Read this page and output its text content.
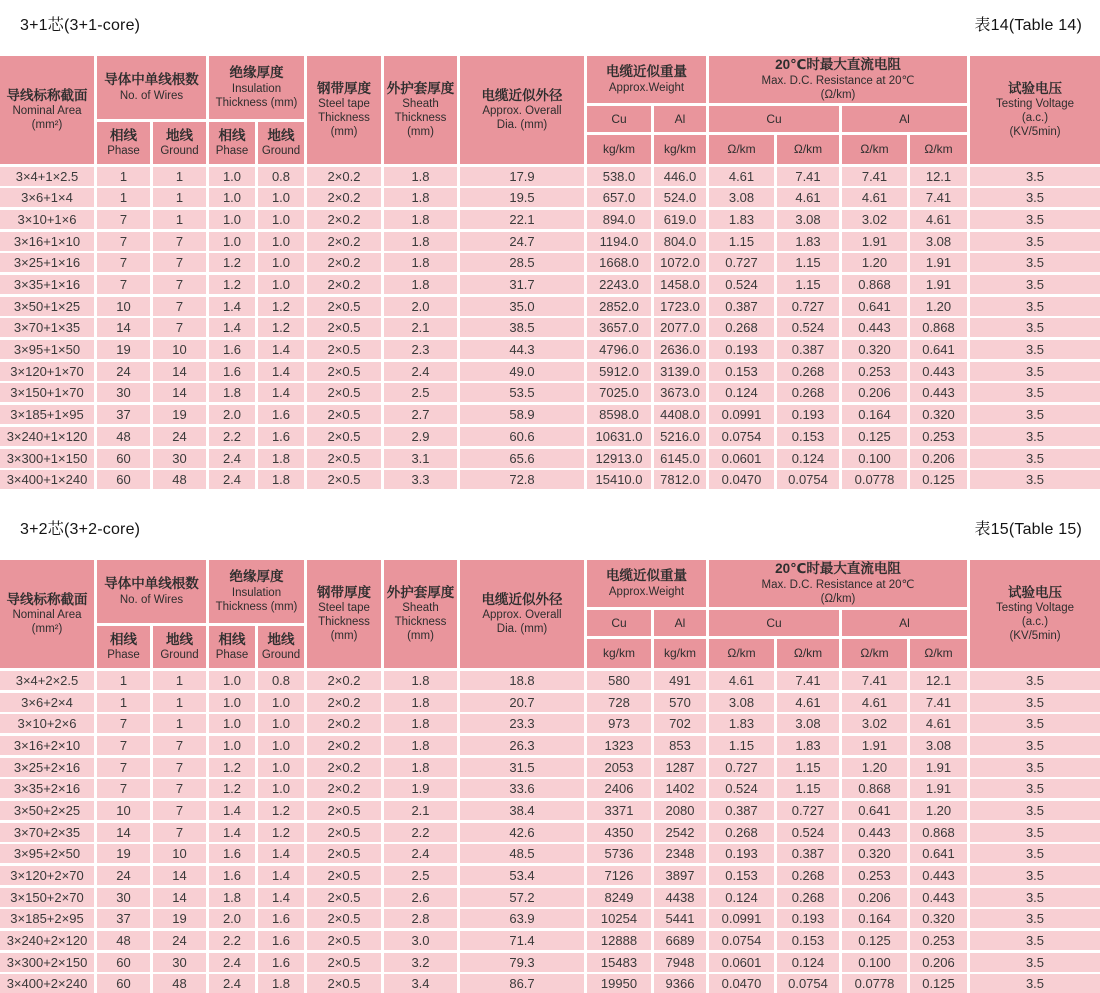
3+1芯(3+1-core)	表14(Table 14)
导线标称截面
Nominal Area
(mm²)
导体中单线根数
No. of Wires
相线
Phase
地线
Ground
绝缘厚度
Insulation
Thickness (mm)
相线
Phase
地线
Ground
钢带厚度
Steel tape
Thickness
(mm)
外护套厚度
Sheath
Thickness
(mm)
电缆近似外径
Approx. Overall
Dia. (mm)
电缆近似重量
Approx.Weight
Cu	Al
kg/km kg/km
20℃时最大直流电阻
Max. D.C. Resistance at 20℃
(Ω/km)
Cu	Al
Ω/km	Ω/km	Ω/km	Ω/km
试验电压
Testing Voltage
(a.c.)
(KV/5min)
3×4+1×2.5	1	1	1.0	0.8	2×0.2	1.8	17.9	538.0	446.0	4.61	7.41	7.41	12.1	3.5
3×6+1×4	1	1	1.0	1.0	2×0.2	1.8	19.5	657.0	524.0	3.08	4.61	4.61	7.41	3.5
3×10+1×6	7	1	1.0	1.0	2×0.2	1.8	22.1	894.0	619.0	1.83	3.08	3.02	4.61	3.5
3×16+1×10	7	7	1.0	1.0	2×0.2	1.8	24.7	1194.0	804.0	1.15	1.83	1.91	3.08	3.5
3×25+1×16	7	7	1.2	1.0	2×0.2	1.8	28.5	1668.0	1072.0	0.727	1.15	1.20	1.91	3.5
3×35+1×16	7	7	1.2	1.0	2×0.2	1.8	31.7	2243.0	1458.0	0.524	1.15	0.868	1.91	3.5
3×50+1×25	10	7	1.4	1.2	2×0.5	2.0	35.0	2852.0	1723.0	0.387	0.727	0.641	1.20	3.5
3×70+1×35	14	7	1.4	1.2	2×0.5	2.1	38.5	3657.0	2077.0	0.268	0.524	0.443	0.868	3.5
3×95+1×50	19	10	1.6	1.4	2×0.5	2.3	44.3	4796.0	2636.0	0.193	0.387	0.320	0.641	3.5
3×120+1×70	24	14	1.6	1.4	2×0.5	2.4	49.0	5912.0	3139.0	0.153	0.268	0.253	0.443	3.5
3×150+1×70	30	14	1.8	1.4	2×0.5	2.5	53.5	7025.0	3673.0	0.124	0.268	0.206	0.443	3.5
3×185+1×95	37	19	2.0	1.6	2×0.5	2.7	58.9	8598.0	4408.0	0.0991	0.193	0.164	0.320	3.5
3×240+1×120	48	24	2.2	1.6	2×0.5	2.9	60.6	10631.0	5216.0	0.0754	0.153	0.125	0.253	3.5
3×300+1×150	60	30	2.4	1.8	2×0.5	3.1	65.6	12913.0	6145.0	0.0601	0.124	0.100	0.206	3.5
3×400+1×240	60	48	2.4	1.8	2×0.5	3.3	72.8	15410.0	7812.0	0.0470	0.0754	0.0778	0.125	3.5
3+2芯(3+2-core)	表15(Table 15)
导线标称截面
Nominal Area
(mm²)
导体中单线根数
No. of Wires
相线
Phase
地线
Ground
绝缘厚度
Insulation
Thickness (mm)
相线
Phase
地线
Ground
钢带厚度
Steel tape
Thickness
(mm)
外护套厚度
Sheath
Thickness
(mm)
电缆近似外径
Approx. Overall
Dia. (mm)
电缆近似重量
Approx.Weight
Cu	Al
kg/km kg/km
20℃时最大直流电阻
Max. D.C. Resistance at 20℃
(Ω/km)
Cu	Al
Ω/km	Ω/km	Ω/km	Ω/km
试验电压
Testing Voltage
(a.c.)
(KV/5min)
3×4+2×2.5	1	1	1.0	0.8	2×0.2	1.8	18.8	580	491	4.61	7.41	7.41	12.1	3.5
3×6+2×4	1	1	1.0	1.0	2×0.2	1.8	20.7	728	570	3.08	4.61	4.61	7.41	3.5
3×10+2×6	7	1	1.0	1.0	2×0.2	1.8	23.3	973	702	1.83	3.08	3.02	4.61	3.5
3×16+2×10	7	7	1.0	1.0	2×0.2	1.8	26.3	1323	853	1.15	1.83	1.91	3.08	3.5
3×25+2×16	7	7	1.2	1.0	2×0.2	1.8	31.5	2053	1287	0.727	1.15	1.20	1.91	3.5
3×35+2×16	7	7	1.2	1.0	2×0.2	1.9	33.6	2406	1402	0.524	1.15	0.868	1.91	3.5
3×50+2×25	10	7	1.4	1.2	2×0.5	2.1	38.4	3371	2080	0.387	0.727	0.641	1.20	3.5
3×70+2×35	14	7	1.4	1.2	2×0.5	2.2	42.6	4350	2542	0.268	0.524	0.443	0.868	3.5
3×95+2×50	19	10	1.6	1.4	2×0.5	2.4	48.5	5736	2348	0.193	0.387	0.320	0.641	3.5
3×120+2×70	24	14	1.6	1.4	2×0.5	2.5	53.4	7126	3897	0.153	0.268	0.253	0.443	3.5
3×150+2×70	30	14	1.8	1.4	2×0.5	2.6	57.2	8249	4438	0.124	0.268	0.206	0.443	3.5
3×185+2×95	37	19	2.0	1.6	2×0.5	2.8	63.9	10254	5441	0.0991	0.193	0.164	0.320	3.5
3×240+2×120	48	24	2.2	1.6	2×0.5	3.0	71.4	12888	6689	0.0754	0.153	0.125	0.253	3.5
3×300+2×150	60	30	2.4	1.6	2×0.5	3.2	79.3	15483	7948	0.0601	0.124	0.100	0.206	3.5
3×400+2×240	60	48	2.4	1.8	2×0.5	3.4	86.7	19950	9366	0.0470	0.0754	0.0778	0.125	3.5
